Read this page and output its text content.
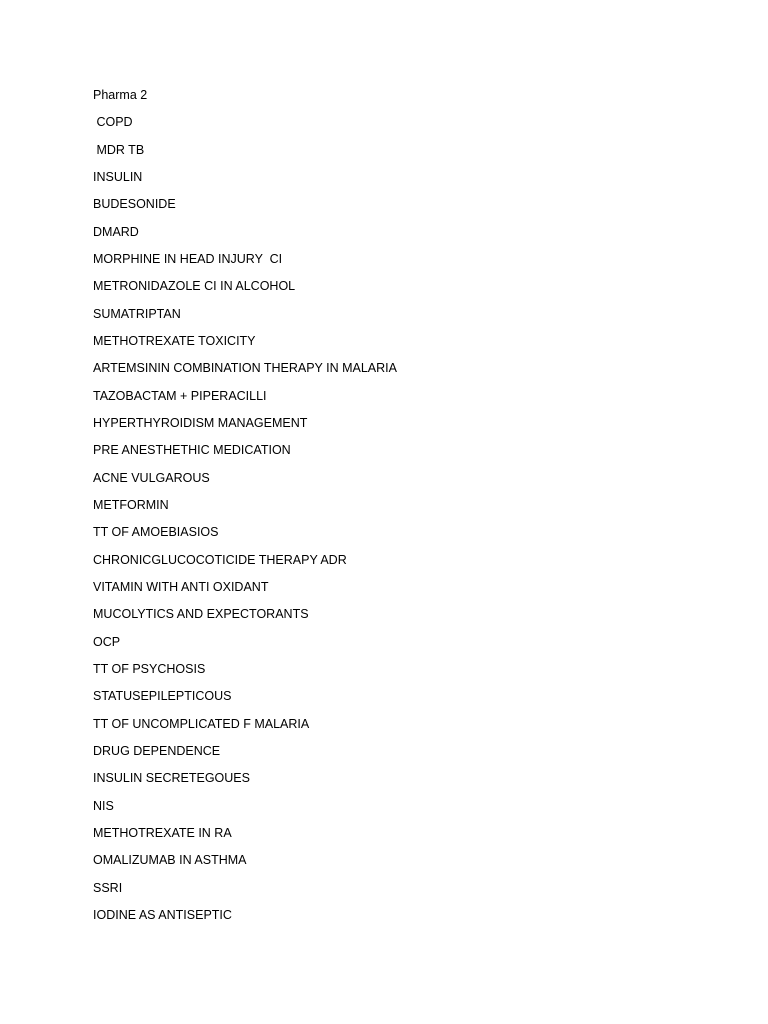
Pharma 2
COPD
MDR TB
INSULIN
BUDESONIDE
DMARD
MORPHINE IN HEAD INJURY  CI
METRONIDAZOLE CI IN ALCOHOL
SUMATRIPTAN
METHOTREXATE TOXICITY
ARTEMSININ COMBINATION THERAPY IN MALARIA
TAZOBACTAM + PIPERACILLI
HYPERTHYROIDISM MANAGEMENT
PRE ANESTHETHIC MEDICATION
ACNE VULGAROUS
METFORMIN
TT OF AMOEBIASIOS
CHRONICGLUCOCOTICIDE THERAPY ADR
VITAMIN WITH ANTI OXIDANT
MUCOLYTICS AND EXPECTORANTS
OCP
TT OF PSYCHOSIS
STATUSEPILEPTICOUS
TT OF UNCOMPLICATED F MALARIA
DRUG DEPENDENCE
INSULIN SECRETEGOUES
NIS
METHOTREXATE IN RA
OMALIZUMAB IN ASTHMA
SSRI
IODINE AS ANTISEPTIC
